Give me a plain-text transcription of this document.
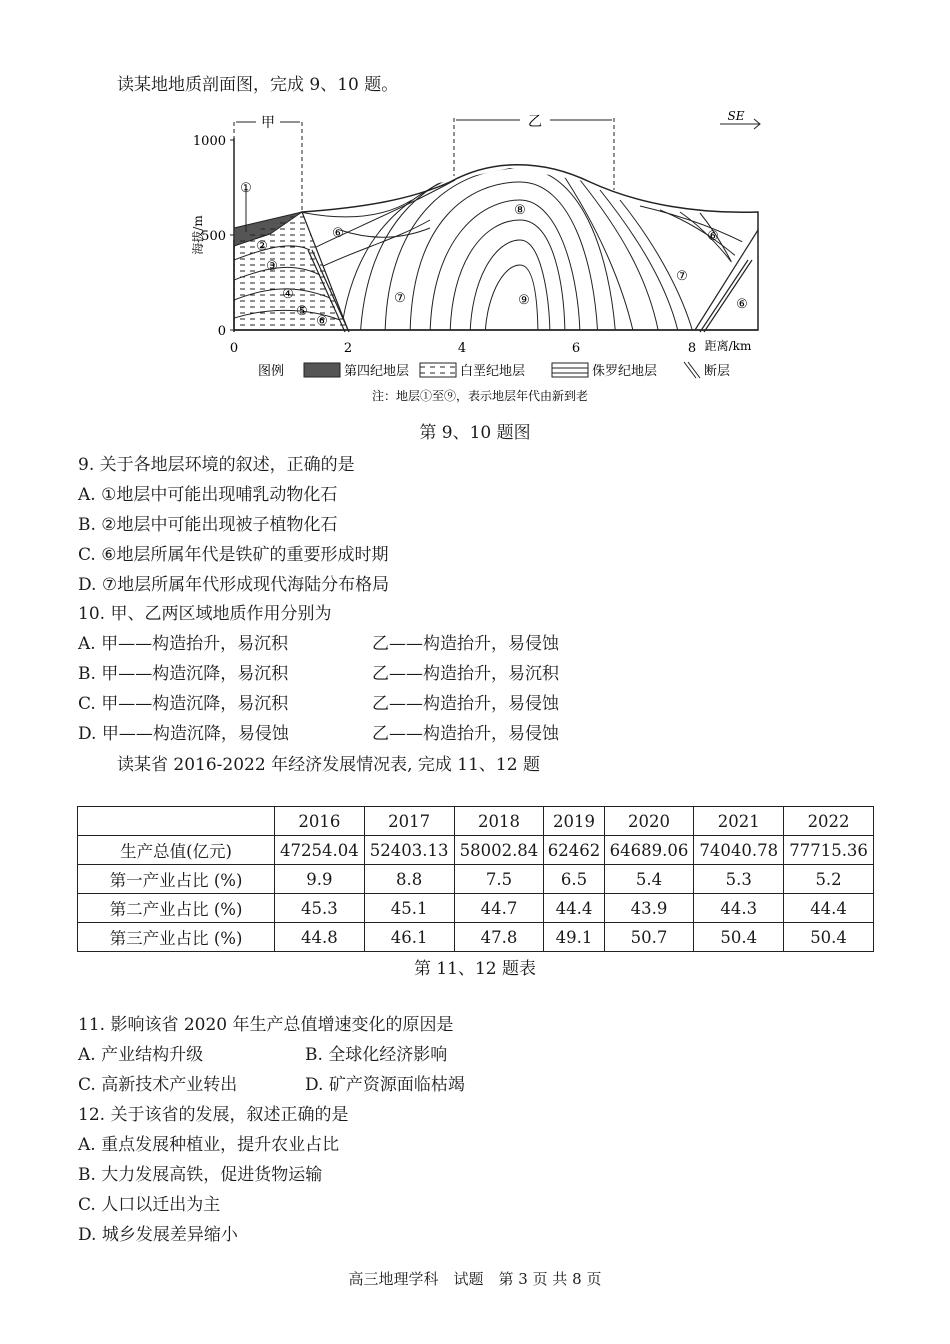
读某地地质剖面图，完成 9、10 题。
1000
500
0
海拔/m
0	2	4	6	8 距离/km
甲	乙	SE
①
②
③
④
⑤
⑥
⑥	⑥
⑥
⑦
⑦
⑧
⑨
图例	第四纪地层	白垩纪地层	侏罗纪地层	断层
注：地层①至⑨，表示地层年代由新到老
第 9、10 题图
9. 关于各地层环境的叙述，正确的是
A. ①地层中可能出现哺乳动物化石
B. ②地层中可能出现被子植物化石
C. ⑥地层所属年代是铁矿的重要形成时期
D. ⑦地层所属年代形成现代海陆分布格局
10. 甲、乙两区域地质作用分别为
A. 甲——构造抬升，易沉积	乙——构造抬升，易侵蚀
B. 甲——构造沉降，易沉积	乙——构造抬升，易沉积
C. 甲——构造沉降，易沉积	乙——构造抬升，易侵蚀
D. 甲——构造沉降，易侵蚀	乙——构造抬升，易侵蚀
读某省 2016-2022 年经济发展情况表, 完成 11、12 题
	2016	2017	2018	2019	2020	2021	2022
生产总值(亿元)	47254.04	52403.13	58002.84	62462	64689.06	74040.78	77715.36
第一产业占比 (%)	9.9	8.8	7.5	6.5	5.4	5.3	5.2
第二产业占比 (%)	45.3	45.1	44.7	44.4	43.9	44.3	44.4
第三产业占比 (%)	44.8	46.1	47.8	49.1	50.7	50.4	50.4
第 11、12 题表
11. 影响该省 2020 年生产总值增速变化的原因是
A. 产业结构升级	B. 全球化经济影响
C. 高新技术产业转出	D. 矿产资源面临枯竭
12. 关于该省的发展，叙述正确的是
A. 重点发展种植业，提升农业占比
B. 大力发展高铁，促进货物运输
C. 人口以迁出为主
D. 城乡发展差异缩小
高三地理学科　试题　第 3 页 共 8 页
